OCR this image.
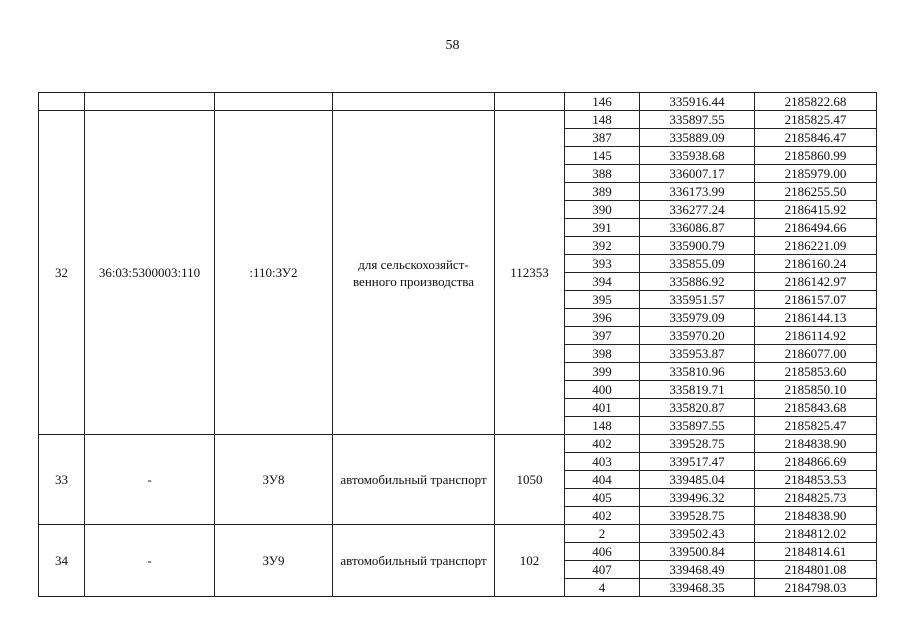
58
					146	335916.44	2185822.68
32	36:03:5300003:110	:110:ЗУ2	для сельскохозяйст-венного производства	112353	148	335897.55	2185825.47
					387	335889.09	2185846.47
					145	335938.68	2185860.99
					388	336007.17	2185979.00
					389	336173.99	2186255.50
					390	336277.24	2186415.92
					391	336086.87	2186494.66
					392	335900.79	2186221.09
					393	335855.09	2186160.24
					394	335886.92	2186142.97
					395	335951.57	2186157.07
					396	335979.09	2186144.13
					397	335970.20	2186114.92
					398	335953.87	2186077.00
					399	335810.96	2185853.60
					400	335819.71	2185850.10
					401	335820.87	2185843.68
					148	335897.55	2185825.47
33	-	ЗУ8	автомобильный транспорт	1050	402	339528.75	2184838.90
					403	339517.47	2184866.69
					404	339485.04	2184853.53
					405	339496.32	2184825.73
					402	339528.75	2184838.90
34	-	ЗУ9	автомобильный транспорт	102	2	339502.43	2184812.02
					406	339500.84	2184814.61
					407	339468.49	2184801.08
					4	339468.35	2184798.03
